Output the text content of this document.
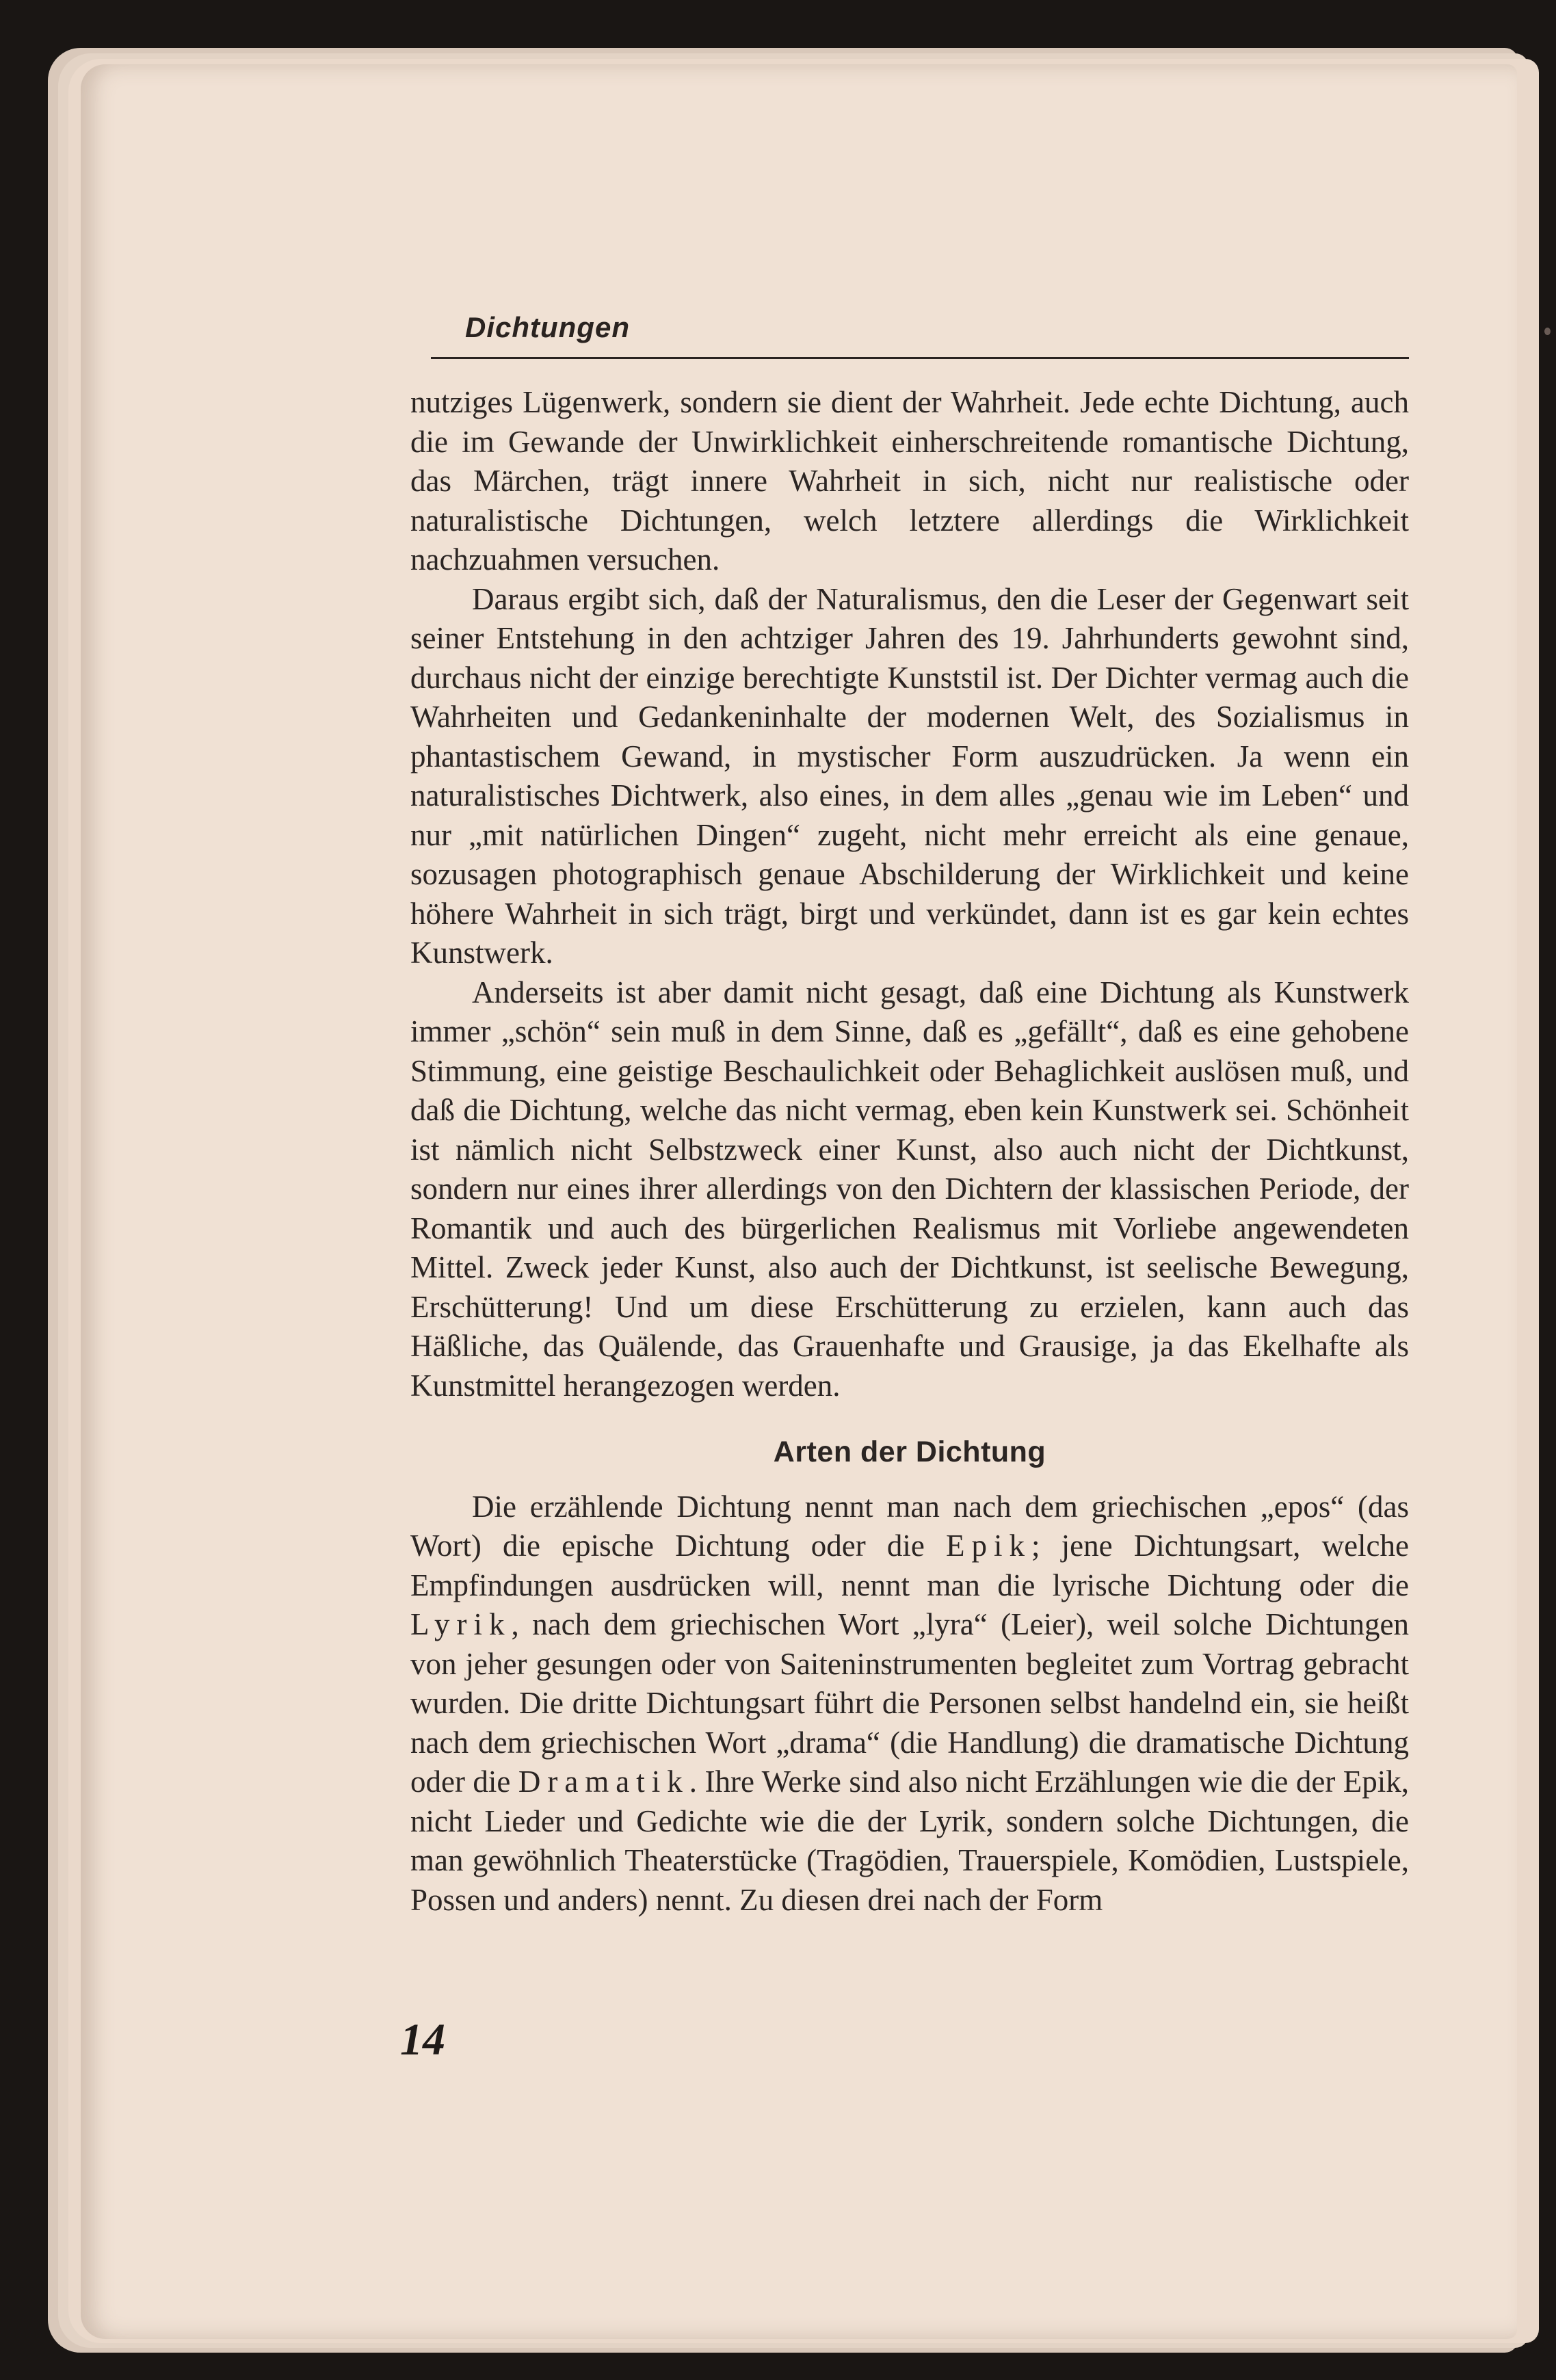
Dichtungen

nutziges Lügenwerk, sondern sie dient der Wahrheit. Jede echte Dichtung, auch die im Gewande der Unwirklichkeit einherschreitende romantische Dichtung, das Märchen, trägt innere Wahrheit in sich, nicht nur realistische oder naturalistische Dichtungen, welch letztere allerdings die Wirklichkeit nachzuahmen versuchen.

Daraus ergibt sich, daß der Naturalismus, den die Leser der Gegenwart seit seiner Entstehung in den achtziger Jahren des 19. Jahrhunderts gewohnt sind, durchaus nicht der einzige berechtigte Kunststil ist. Der Dichter vermag auch die Wahrheiten und Gedankeninhalte der modernen Welt, des Sozialismus in phantastischem Gewand, in mystischer Form auszudrücken. Ja wenn ein naturalistisches Dichtwerk, also eines, in dem alles „genau wie im Leben“ und nur „mit natürlichen Dingen“ zugeht, nicht mehr erreicht als eine genaue, sozusagen photographisch genaue Abschilderung der Wirklichkeit und keine höhere Wahrheit in sich trägt, birgt und verkündet, dann ist es gar kein echtes Kunstwerk.

Anderseits ist aber damit nicht gesagt, daß eine Dichtung als Kunstwerk immer „schön“ sein muß in dem Sinne, daß es „gefällt“, daß es eine gehobene Stimmung, eine geistige Beschaulichkeit oder Behaglichkeit auslösen muß, und daß die Dichtung, welche das nicht vermag, eben kein Kunstwerk sei. Schönheit ist nämlich nicht Selbstzweck einer Kunst, also auch nicht der Dichtkunst, sondern nur eines ihrer allerdings von den Dichtern der klassischen Periode, der Romantik und auch des bürgerlichen Realismus mit Vorliebe angewendeten Mittel. Zweck jeder Kunst, also auch der Dichtkunst, ist seelische Bewegung, Erschütterung! Und um diese Erschütterung zu erzielen, kann auch das Häßliche, das Quälende, das Grauenhafte und Grausige, ja das Ekelhafte als Kunstmittel herangezogen werden.

Arten der Dichtung

Die erzählende Dichtung nennt man nach dem griechischen „epos“ (das Wort) die epische Dichtung oder die Epik; jene Dichtungsart, welche Empfindungen ausdrücken will, nennt man die lyrische Dichtung oder die Lyrik, nach dem griechischen Wort „lyra“ (Leier), weil solche Dichtungen von jeher gesungen oder von Saiteninstrumenten begleitet zum Vortrag gebracht wurden. Die dritte Dichtungsart führt die Personen selbst handelnd ein, sie heißt nach dem griechischen Wort „drama“ (die Handlung) die dramatische Dichtung oder die Dramatik. Ihre Werke sind also nicht Erzählungen wie die der Epik, nicht Lieder und Gedichte wie die der Lyrik, sondern solche Dichtungen, die man gewöhnlich Theaterstücke (Tragödien, Trauerspiele, Komödien, Lustspiele, Possen und anders) nennt. Zu diesen drei nach der Form

14
